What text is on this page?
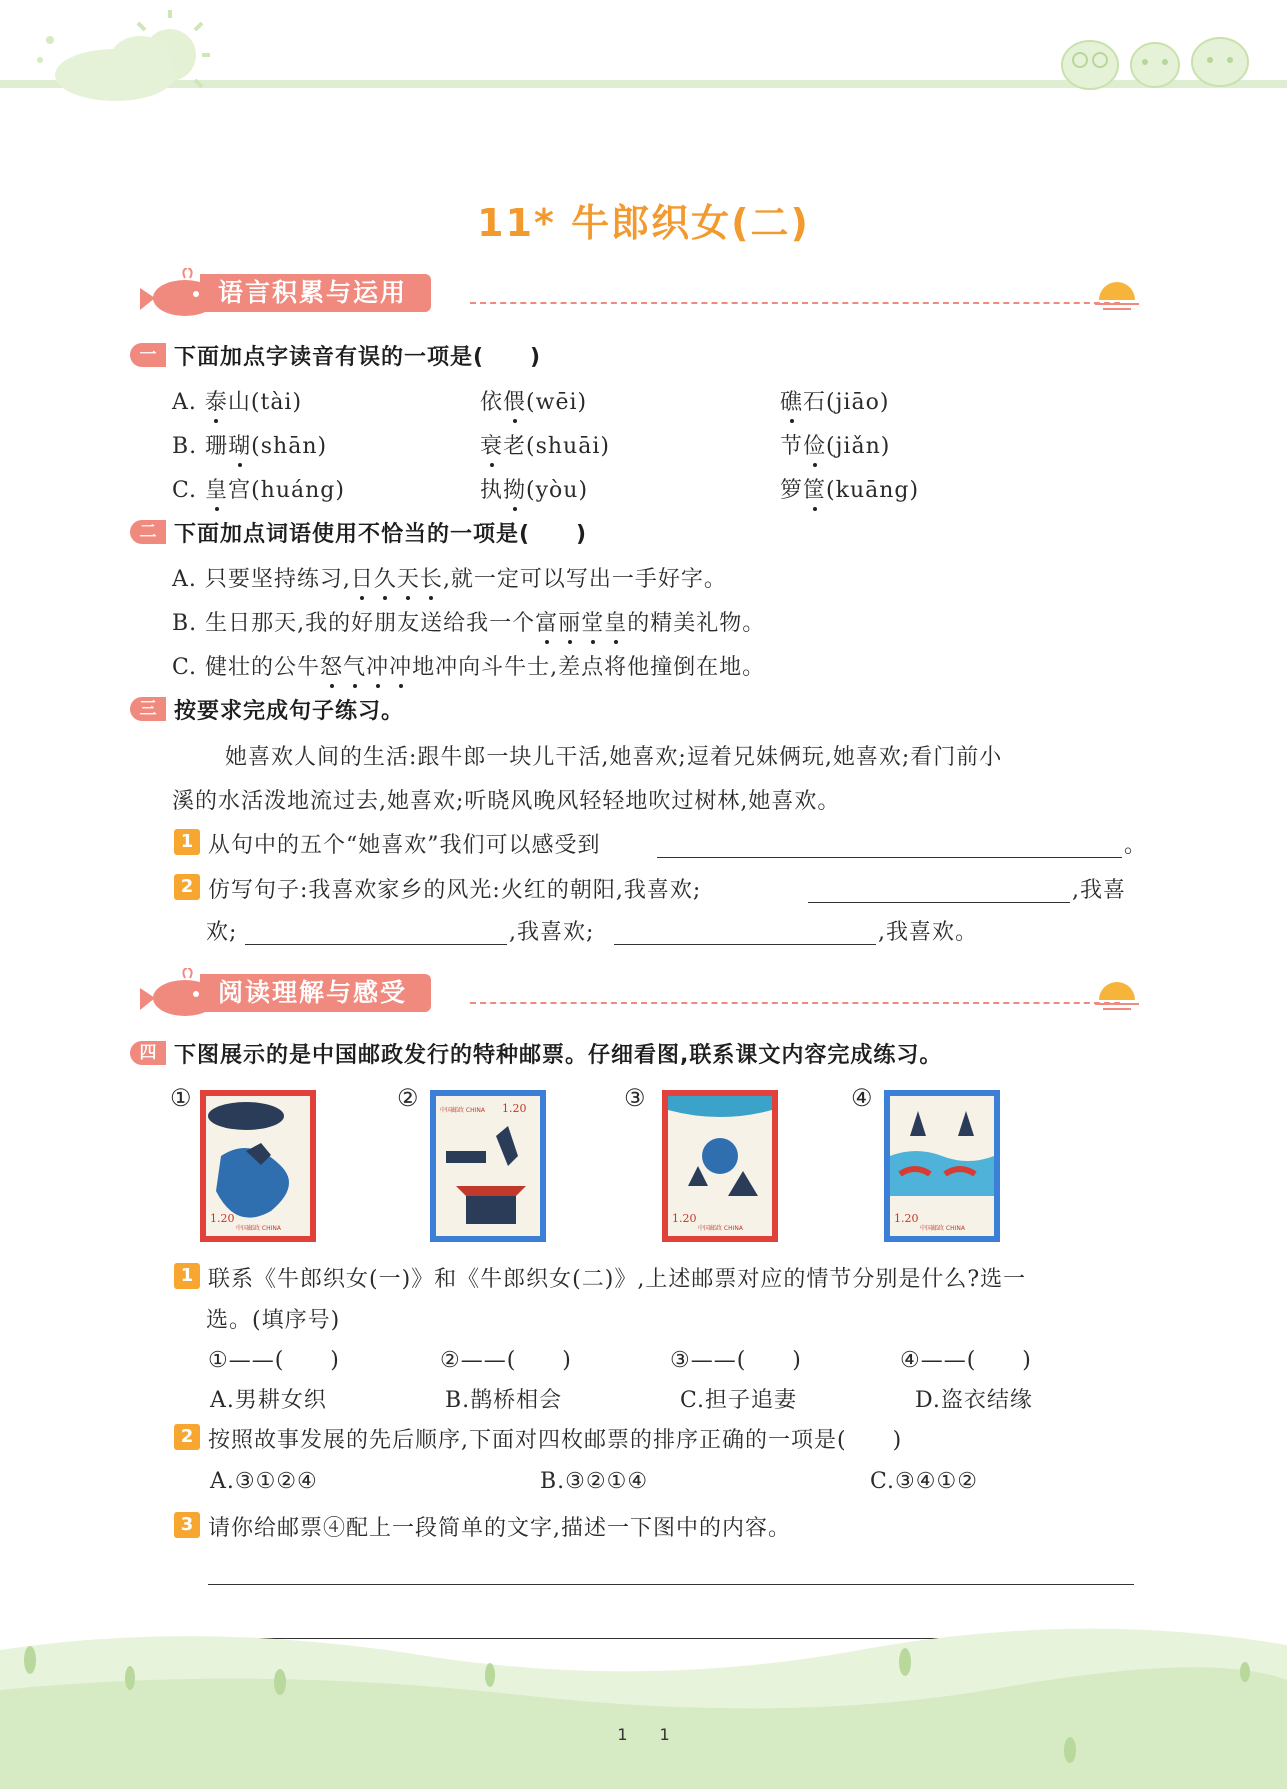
11* 牛郎织女(二)
语言积累与运用
一 下面加点字读音有误的一项是(　　)
A. 泰山(tài)	依偎(wēi)	礁石(jiāo)
B. 珊瑚(shān)	衰老(shuāi)	节俭(jiǎn)
C. 皇宫(huáng)	执拗(yòu)	箩筐(kuāng)
二 下面加点词语使用不恰当的一项是(　　)
A. 只要坚持练习,日久天长,就一定可以写出一手好字。
B. 生日那天,我的好朋友送给我一个富丽堂皇的精美礼物。
C. 健壮的公牛怒气冲冲地冲向斗牛士,差点将他撞倒在地。
三 按要求完成句子练习。
她喜欢人间的生活:跟牛郎一块儿干活,她喜欢;逗着兄妹俩玩,她喜欢;看门前小
溪的水活泼地流过去,她喜欢;听晓风晚风轻轻地吹过树林,她喜欢。
1 从句中的五个“她喜欢”我们可以感受到	。
2 仿写句子:我喜欢家乡的风光:火红的朝阳,我喜欢;	,我喜
欢;	,我喜欢;	,我喜欢。
阅读理解与感受
四 下图展示的是中国邮政发行的特种邮票。仔细看图,联系课文内容完成练习。
①
1.20
中国邮政 CHINA
②	1.20
中国邮政 CHINA	③
1.20
中国邮政 CHINA
④
1.20
中国邮政 CHINA
1 联系《牛郎织女(一)》和《牛郎织女(二)》,上述邮票对应的情节分别是什么?选一
选。(填序号)
①——(　　)	②——(　　)	③——(　　)	④——(　　)
A.男耕女织	B.鹊桥相会	C.担子追妻	D.盗衣结缘
2 按照故事发展的先后顺序,下面对四枚邮票的排序正确的一项是(　　)
A.③①②④	B.③②①④	C.③④①②
3 请你给邮票④配上一段简单的文字,描述一下图中的内容。
1　　1
